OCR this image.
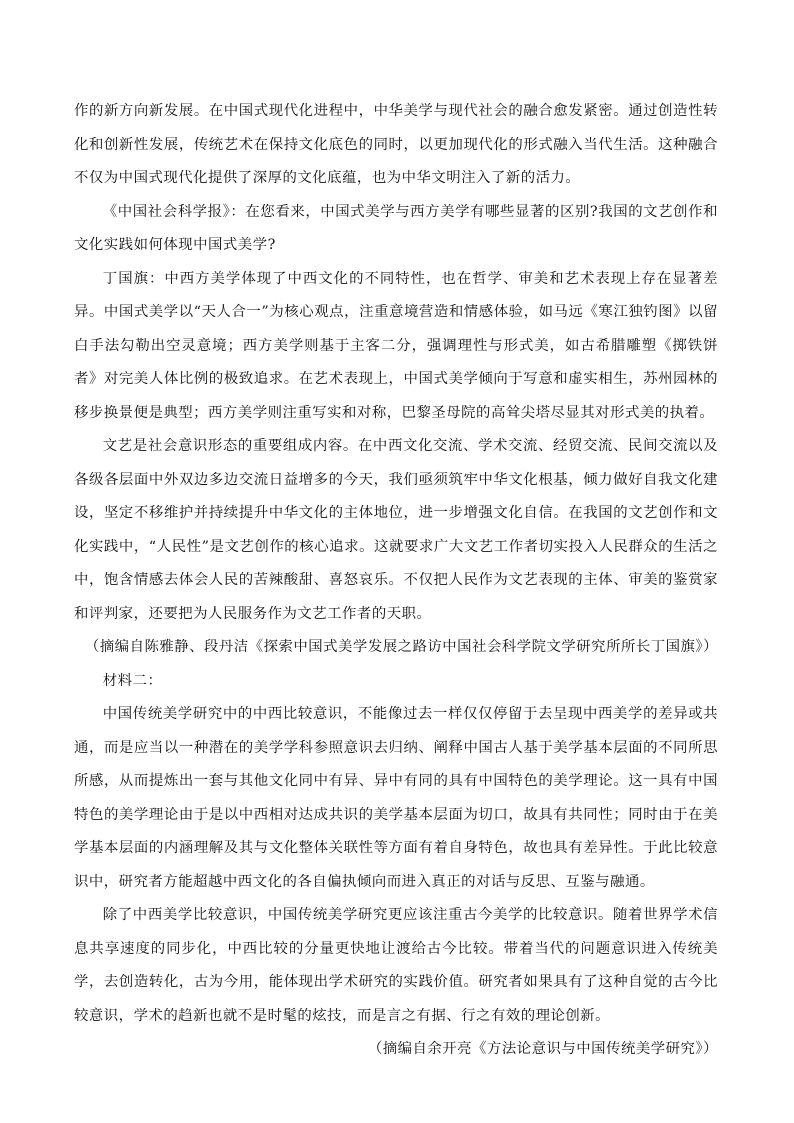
作的新方向新发展。在中国式现代化进程中，中华美学与现代社会的融合愈发紧密。通过创造性转化和创新性发展，传统艺术在保持文化底色的同时，以更加现代化的形式融入当代生活。这种融合不仅为中国式现代化提供了深厚的文化底蕴，也为中华文明注入了新的活力。

《中国社会科学报》：在您看来，中国式美学与西方美学有哪些显著的区别?我国的文艺创作和文化实践如何体现中国式美学?

丁国旗：中西方美学体现了中西文化的不同特性，也在哲学、审美和艺术表现上存在显著差异。中国式美学以“天人合一”为核心观点，注重意境营造和情感体验，如马远《寒江独钓图》以留白手法勾勒出空灵意境；西方美学则基于主客二分，强调理性与形式美，如古希腊雕塑《掷铁饼者》对完美人体比例的极致追求。在艺术表现上，中国式美学倾向于写意和虚实相生，苏州园林的移步换景便是典型；西方美学则注重写实和对称，巴黎圣母院的高耸尖塔尽显其对形式美的执着。

文艺是社会意识形态的重要组成内容。在中西文化交流、学术交流、经贸交流、民间交流以及各级各层面中外双边多边交流日益增多的今天，我们亟须筑牢中华文化根基，倾力做好自我文化建设，坚定不移维护并持续提升中华文化的主体地位，进一步增强文化自信。在我国的文艺创作和文化实践中，“人民性”是文艺创作的核心追求。这就要求广大文艺工作者切实投入人民群众的生活之中，饱含情感去体会人民的苦辣酸甜、喜怒哀乐。不仅把人民作为文艺表现的主体、审美的鉴赏家和评判家，还要把为人民服务作为文艺工作者的天职。

（摘编自陈雅静、段丹洁《探索中国式美学发展之路访中国社会科学院文学研究所所长丁国旗》）

材料二：

中国传统美学研究中的中西比较意识，不能像过去一样仅仅停留于去呈现中西美学的差异或共通，而是应当以一种潜在的美学学科参照意识去归纳、阐释中国古人基于美学基本层面的不同所思所感，从而提炼出一套与其他文化同中有异、异中有同的具有中国特色的美学理论。这一具有中国特色的美学理论由于是以中西相对达成共识的美学基本层面为切口，故具有共同性；同时由于在美学基本层面的内涵理解及其与文化整体关联性等方面有着自身特色，故也具有差异性。于此比较意识中，研究者方能超越中西文化的各自偏执倾向而进入真正的对话与反思、互鉴与融通。

除了中西美学比较意识，中国传统美学研究更应该注重古今美学的比较意识。随着世界学术信息共享速度的同步化，中西比较的分量更快地让渡给古今比较。带着当代的问题意识进入传统美学，去创造转化，古为今用，能体现出学术研究的实践价值。研究者如果具有了这种自觉的古今比较意识，学术的趋新也就不是时髦的炫技，而是言之有据、行之有效的理论创新。

（摘编自余开亮《方法论意识与中国传统美学研究》）
